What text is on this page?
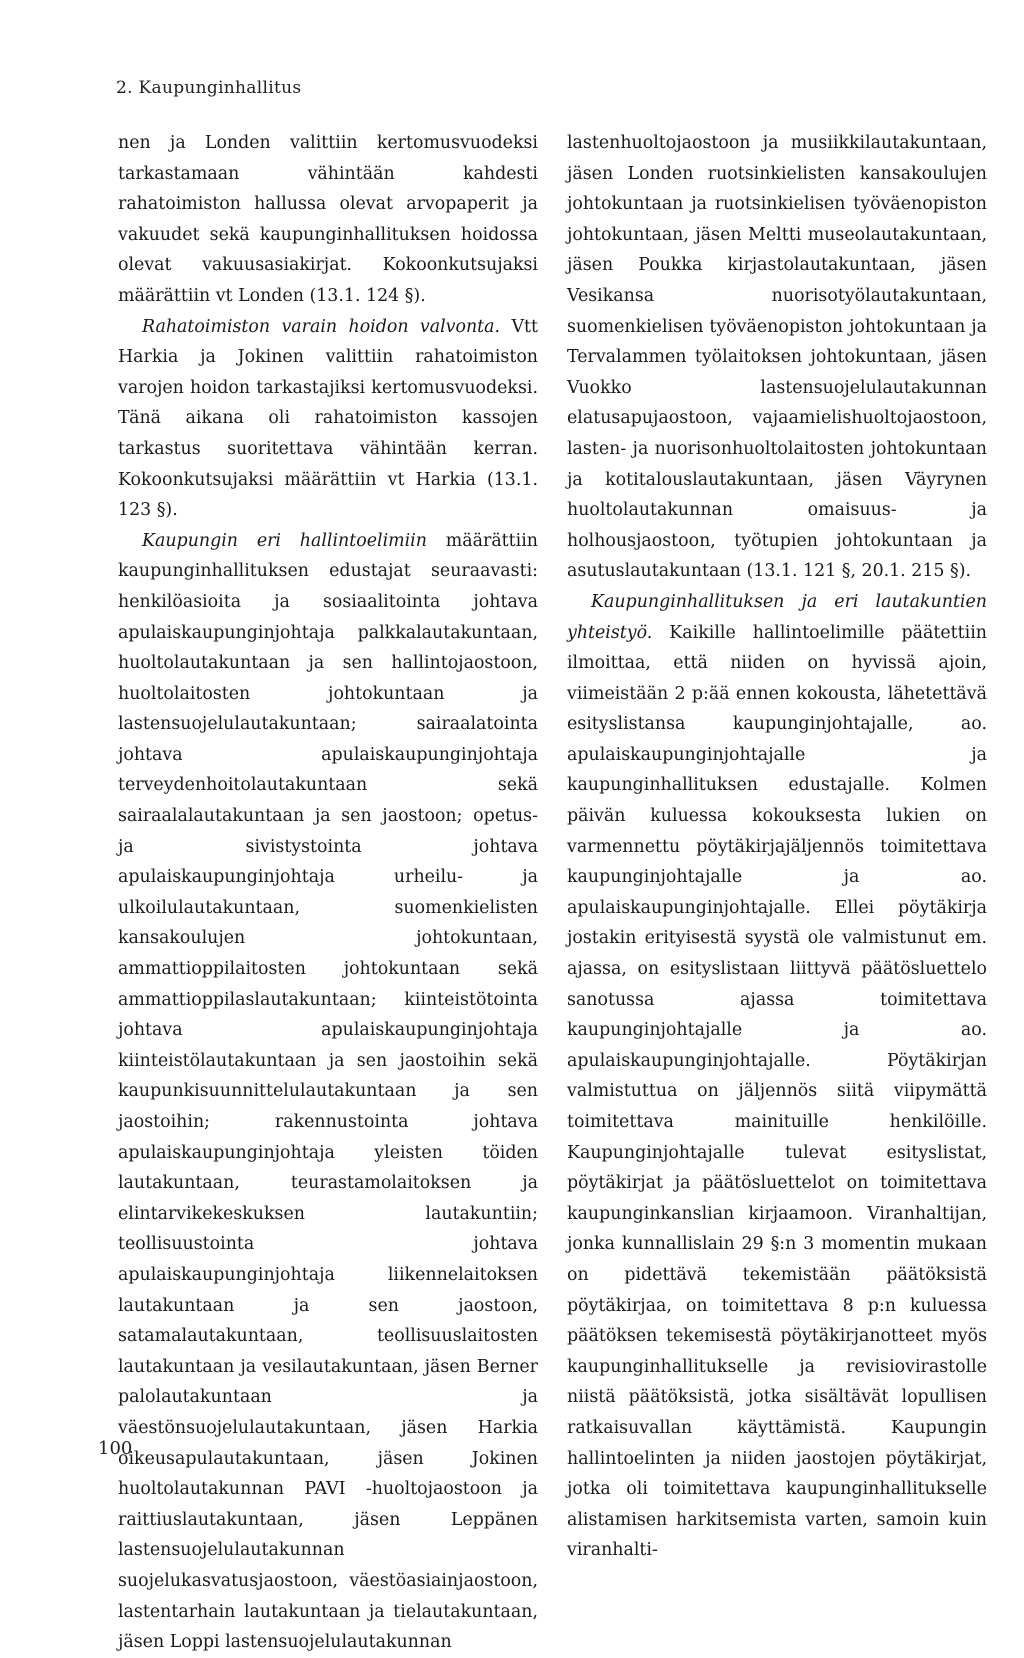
2. Kaupunginhallitus

nen ja Londen valittiin kertomusvuodeksi tarkastamaan vähintään kahdesti rahatoimiston hallussa olevat arvopaperit ja vakuudet sekä kaupunginhallituksen hoidossa olevat vakuusasiakirjat. Kokoonkutsujaksi määrättiin vt Londen (13.1. 124 §).

Rahatoimiston varain hoidon valvonta. Vtt Harkia ja Jokinen valittiin rahatoimiston varojen hoidon tarkastajiksi kertomusvuodeksi. Tänä aikana oli rahatoimiston kassojen tarkastus suoritettava vähintään kerran. Kokoonkutsujaksi määrättiin vt Harkia (13.1. 123 §).

Kaupungin eri hallintoelimiin määrättiin kaupunginhallituksen edustajat seuraavasti: henkilöasioita ja sosiaalitointa johtava apulaiskaupunginjohtaja palkkalautakuntaan, huoltolautakuntaan ja sen hallintojaostoon, huoltolaitosten johtokuntaan ja lastensuojelulautakuntaan; sairaalatointa johtava apulaiskaupunginjohtaja terveydenhoitolautakuntaan sekä sairaalalautakuntaan ja sen jaostoon; opetus- ja sivistystointa johtava apulaiskaupunginjohtaja urheilu- ja ulkoilulautakuntaan, suomenkielisten kansakoulujen johtokuntaan, ammattioppilaitosten johtokuntaan sekä ammattioppilaslautakuntaan; kiinteistötointa johtava apulaiskaupunginjohtaja kiinteistölautakuntaan ja sen jaostoihin sekä kaupunkisuunnittelulautakuntaan ja sen jaostoihin; rakennustointa johtava apulaiskaupunginjohtaja yleisten töiden lautakuntaan, teurastamolaitoksen ja elintarvikekeskuksen lautakuntiin; teollisuustointa johtava apulaiskaupunginjohtaja liikennelaitoksen lautakuntaan ja sen jaostoon, satamalautakuntaan, teollisuuslaitosten lautakuntaan ja vesilautakuntaan, jäsen Berner palolautakuntaan ja väestönsuojelulautakuntaan, jäsen Harkia oikeusapulautakuntaan, jäsen Jokinen huoltolautakunnan PAVI -huoltojaostoon ja raittiuslautakuntaan, jäsen Leppänen lastensuojelulautakunnan suojelukasvatusjaostoon, väestöasiainjaostoon, lastentarhain lautakuntaan ja tielautakuntaan, jäsen Loppi lastensuojelulautakunnan

lastenhuoltojaostoon ja musiikkilautakuntaan, jäsen Londen ruotsinkielisten kansakoulujen johtokuntaan ja ruotsinkielisen työväenopiston johtokuntaan, jäsen Meltti museolautakuntaan, jäsen Poukka kirjastolautakuntaan, jäsen Vesikansa nuorisotyölautakuntaan, suomenkielisen työväenopiston johtokuntaan ja Tervalammen työlaitoksen johtokuntaan, jäsen Vuokko lastensuojelulautakunnan elatusapujaostoon, vajaamielishuoltojaostoon, lasten- ja nuorisonhuoltolaitosten johtokuntaan ja kotitalouslautakuntaan, jäsen Väyrynen huoltolautakunnan omaisuus- ja holhousjaostoon, työtupien johtokuntaan ja asutuslautakuntaan (13.1. 121 §, 20.1. 215 §).

Kaupunginhallituksen ja eri lautakuntien yhteistyö. Kaikille hallintoelimille päätettiin ilmoittaa, että niiden on hyvissä ajoin, viimeistään 2 p:ää ennen kokousta, lähetettävä esityslistansa kaupunginjohtajalle, ao. apulaiskaupunginjohtajalle ja kaupunginhallituksen edustajalle. Kolmen päivän kuluessa kokouksesta lukien on varmennettu pöytäkirjajäljennös toimitettava kaupunginjohtajalle ja ao. apulaiskaupunginjohtajalle. Ellei pöytäkirja jostakin erityisestä syystä ole valmistunut em. ajassa, on esityslistaan liittyvä päätösluettelo sanotussa ajassa toimitettava kaupunginjohtajalle ja ao. apulaiskaupunginjohtajalle. Pöytäkirjan valmistuttua on jäljennös siitä viipymättä toimitettava mainituille henkilöille. Kaupunginjohtajalle tulevat esityslistat, pöytäkirjat ja päätösluettelot on toimitettava kaupunginkanslian kirjaamoon. Viranhaltijan, jonka kunnallislain 29 §:n 3 momentin mukaan on pidettävä tekemistään päätöksistä pöytäkirjaa, on toimitettava 8 p:n kuluessa päätöksen tekemisestä pöytäkirjanotteet myös kaupunginhallitukselle ja revisiovirastolle niistä päätöksistä, jotka sisältävät lopullisen ratkaisuvallan käyttämistä. Kaupungin hallintoelinten ja niiden jaostojen pöytäkirjat, jotka oli toimitettava kaupunginhallitukselle alistamisen harkitsemista varten, samoin kuin viranhalti-

100
